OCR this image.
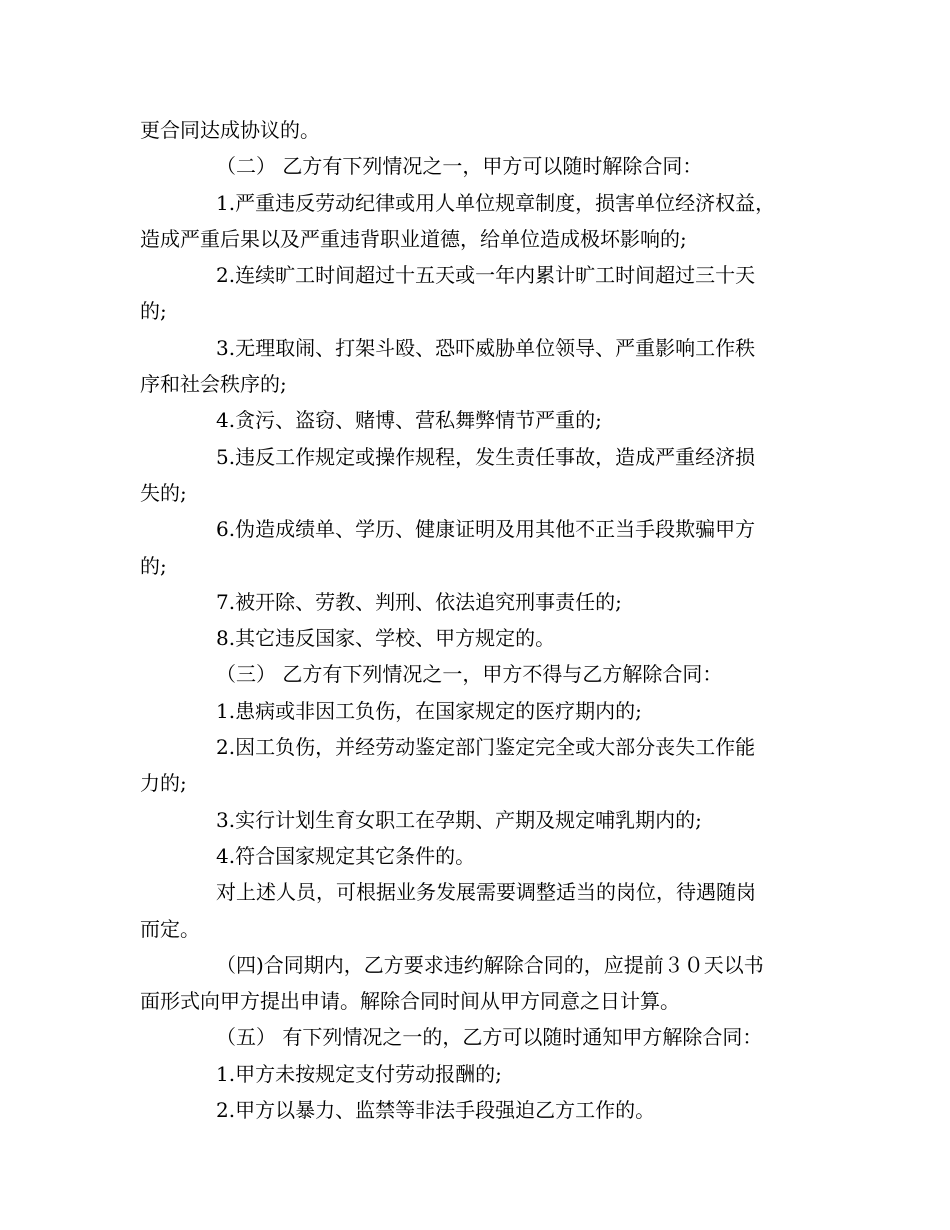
更合同达成协议的。
（二） 乙方有下列情况之一，甲方可以随时解除合同：
1.严重违反劳动纪律或用人单位规章制度，损害单位经济权益，
造成严重后果以及严重违背职业道德，给单位造成极坏影响的;
2.连续旷工时间超过十五天或一年内累计旷工时间超过三十天
的;
3.无理取闹、打架斗殴、恐吓威胁单位领导、严重影响工作秩
序和社会秩序的;
4.贪污、盗窃、赌博、营私舞弊情节严重的;
5.违反工作规定或操作规程，发生责任事故，造成严重经济损
失的;
6.伪造成绩单、学历、健康证明及用其他不正当手段欺骗甲方
的;
7.被开除、劳教、判刑、依法追究刑事责任的;
8.其它违反国家、学校、甲方规定的。
（三） 乙方有下列情况之一，甲方不得与乙方解除合同：
1.患病或非因工负伤，在国家规定的医疗期内的;
2.因工负伤，并经劳动鉴定部门鉴定完全或大部分丧失工作能
力的;
3.实行计划生育女职工在孕期、产期及规定哺乳期内的;
4.符合国家规定其它条件的。
对上述人员，可根据业务发展需要调整适当的岗位，待遇随岗
而定。
（四)合同期内，乙方要求违约解除合同的，应提前３０天以书
面形式向甲方提出申请。解除合同时间从甲方同意之日计算。
（五） 有下列情况之一的，乙方可以随时通知甲方解除合同：
1.甲方未按规定支付劳动报酬的;
2.甲方以暴力、监禁等非法手段强迫乙方工作的。
